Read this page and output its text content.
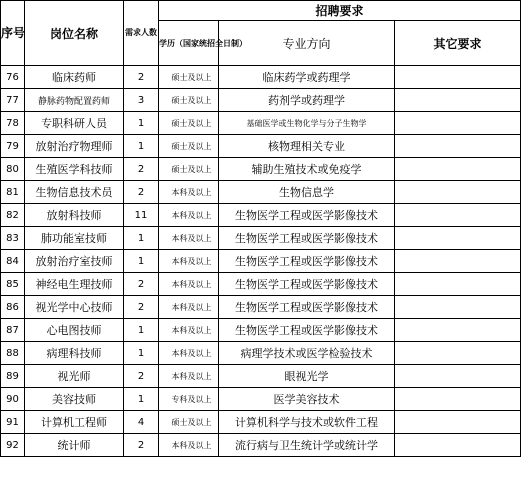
序号	岗位名称	需求人数	招聘要求		
			学历（国家统招全日制）	专业方向	其它要求
76	临床药师	2	硕士及以上	临床药学或药理学	
77	静脉药物配置药师	3	硕士及以上	药剂学或药理学	
78	专职科研人员	1	硕士及以上	基础医学或生物化学与分子生物学	
79	放射治疗物理师	1	硕士及以上	核物理相关专业	
80	生殖医学科技师	2	硕士及以上	辅助生殖技术或免疫学	
81	生物信息技术员	2	本科及以上	生物信息学	
82	放射科技师	11	本科及以上	生物医学工程或医学影像技术	
83	肺功能室技师	1	本科及以上	生物医学工程或医学影像技术	
84	放射治疗室技师	1	本科及以上	生物医学工程或医学影像技术	
85	神经电生理技师	2	本科及以上	生物医学工程或医学影像技术	
86	视光学中心技师	2	本科及以上	生物医学工程或医学影像技术	
87	心电图技师	1	本科及以上	生物医学工程或医学影像技术	
88	病理科技师	1	本科及以上	病理学技术或医学检验技术	
89	视光师	2	本科及以上	眼视光学	
90	美容技师	1	专科及以上	医学美容技术	
91	计算机工程师	4	硕士及以上	计算机科学与技术或软件工程	
92	统计师	2	本科及以上	流行病与卫生统计学或统计学	
